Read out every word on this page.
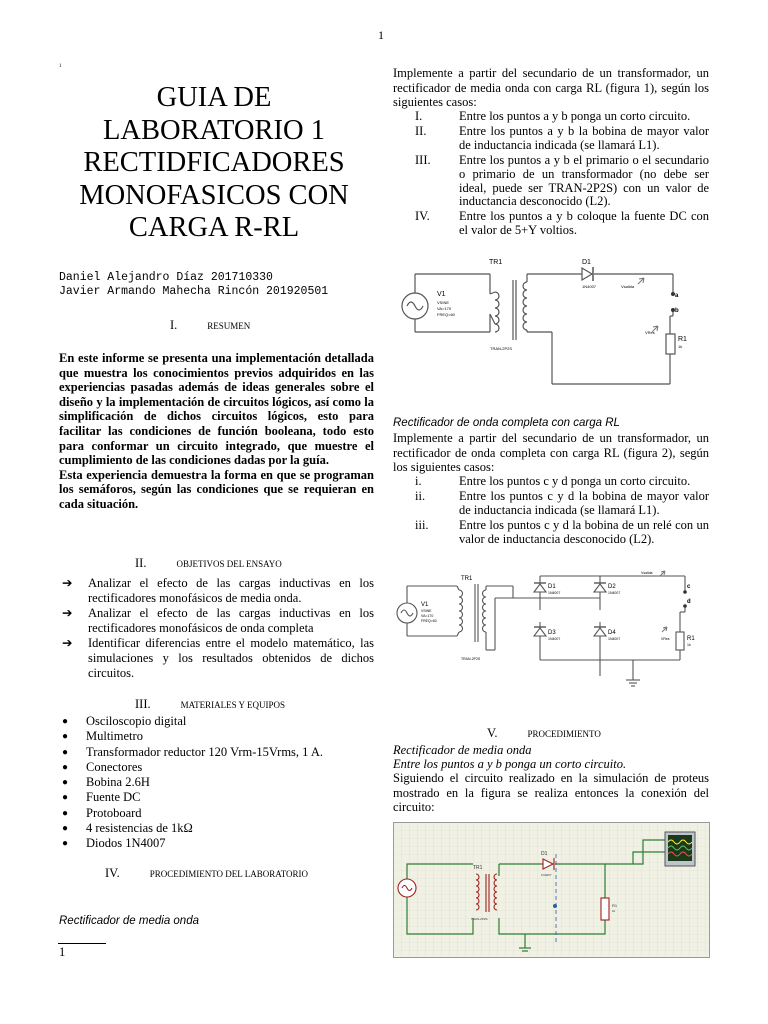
1
1
GUIA DE
LABORATORIO 1
RECTIDFICADORES
MONOFASICOS CON
CARGA R-RL
Daniel Alejandro Díaz 201710330
Javier Armando Mahecha Rincón 201920501
I.	RESUMEN
En este informe se presenta una implementación detallada que muestra los conocimientos previos adquiridos en las experiencias pasadas además de ideas generales sobre el diseño y la implementación de circuitos lógicos, así como la simplificación de dichos circuitos lógicos, esto para facilitar las condiciones de función booleana, todo esto para conformar un circuito integrado, que muestre el cumplimiento de las condiciones dadas por la guía.
Esta experiencia demuestra la forma en que se programan los semáforos, según las condiciones que se requieran en cada situación.
II.	OBJETIVOS DEL ENSAYO
➔ Analizar el efecto de las cargas inductivas en los rectificadores monofásicos de media onda.
➔ Analizar el efecto de las cargas inductivas en los rectificadores monofásicos de onda completa
➔ Identificar diferencias entre el modelo matemático, las simulaciones y los resultados obtenidos de dichos circuitos.
III.	MATERIALES Y EQUIPOS
● Osciloscopio digital
● Multimetro
● Transformador reductor 120 Vrm-15Vrms, 1 A.
● Conectores
● Bobina 2.6H
● Fuente DC
● Protoboard
● 4 resistencias de 1kΩ
● Diodos 1N4007
IV.	PROCEDIMIENTO DEL LABORATORIO
Rectificador de media onda
1
Implemente a partir del secundario de un transformador, un rectificador de media onda con carga RL (figura 1), según los siguientes casos:
I.	Entre los puntos a y b ponga un corto circuito.
II.	Entre los puntos a y b la bobina de mayor valor de inductancia indicada (se llamará L1).
III. Entre los puntos a y b el primario o el secundario o primario de un transformador (no debe ser ideal, puede ser TRAN-2P2S) con un valor de inductancia desconocido (L2).
IV. Entre los puntos a y b coloque la fuente DC con el valor de 5+Y voltios.
TR1	D1
1N4007
V1
VSINE
VA=170
FREQ=60
TRAN-2P2S
Vsalida
VRes
a
b
R1
1k
Rectificador de onda completa con carga RL
Implemente a partir del secundario de un transformador, un rectificador de onda completa con carga RL (figura 2), según los siguientes casos:
i.	Entre los puntos c y d ponga un corto circuito.
ii.	Entre los puntos c y d la bobina de mayor valor de inductancia indicada (se llamará L1).
iii. Entre los puntos c y d la bobina de un relé con un valor de inductancia desconocido (L2).
TR1
D1
1N4007
D2
1N4007
D3
1N4007
D4
1N4007
V1
VSINE
VA=170
FREQ=60
TRAN-2P2S
Vsalida
VRes
c
d
R1
1k
V.	PROCEDIMIENTO
Rectificador de media onda
Entre los puntos a y b ponga un corto circuito.
Siguiendo el circuito realizado en la simulación de proteus mostrado en la figura se realiza entonces la conexión del circuito:
TR1
D1
1N4007
TRAN-2P2S
R1
1k
